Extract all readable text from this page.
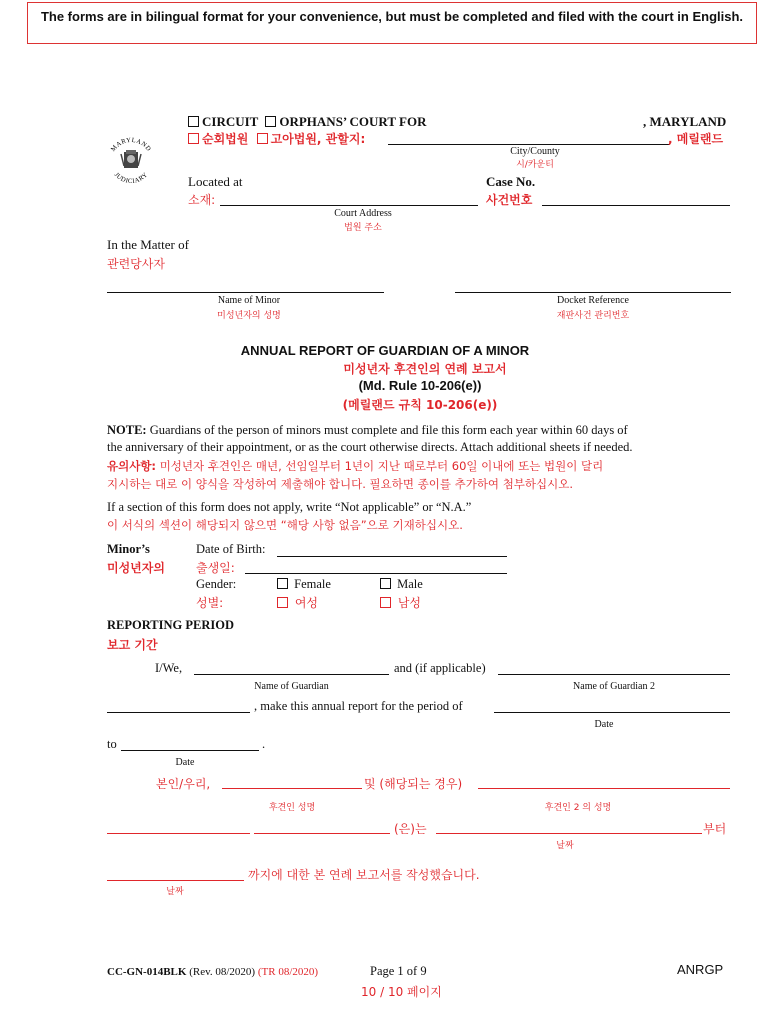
The forms are in bilingual format for your convenience, but must be completed and filed with the court in English.
MARYLAND
JUDICIARY
CIRCUIT ORPHANS’ COURT FOR	, MARYLAND
순회법원 고아법원, 관할지:	, 메릴랜드
City/County
시/카운티
Located at	Case No.
소재:	사건번호
Court Address
법원 주소
In the Matter of
관련당사자
Name of Minor
미성년자의 성명
Docket Reference
재판사건 관리번호
ANNUAL REPORT OF GUARDIAN OF A MINOR
미성년자 후견인의 연례 보고서
(Md. Rule 10-206(e))
(메릴랜드 규칙 10-206(e))
NOTE: Guardians of the person of minors must complete and file this form each year within 60 days of
the anniversary of their appointment, or as the court otherwise directs. Attach additional sheets if needed.
유의사항: 미성년자 후견인은 매년, 선임일부터 1년이 지난 때로부터 60일 이내에 또는 법원이 달리
지시하는 대로 이 양식을 작성하여 제출해야 합니다. 필요하면 종이를 추가하여 첨부하십시오.
If a section of this form does not apply, write “Not applicable” or “N.A.”
이 서식의 섹션이 해당되지 않으면 “해당 사항 없음”으로 기재하십시오.
Minor’s
미성년자의
Date of Birth:
출생일:
Gender:	Female	Male
성별:	여성	남성
REPORTING PERIOD
보고 기간
I/We,	and (if applicable)
Name of Guardian	Name of Guardian 2
, make this annual report for the period of
Date
to	.
Date
본인/우리,	및 (해당되는 경우)
후견인 성명	후견인 2 의 성명
(은)는	부터
날짜
까지에 대한 본 연례 보고서를 작성했습니다.
날짜
CC-GN-014BLK (Rev. 08/2020) (TR 08/2020)	Page 1 of 9
10 / 10 페이지
ANRGP
